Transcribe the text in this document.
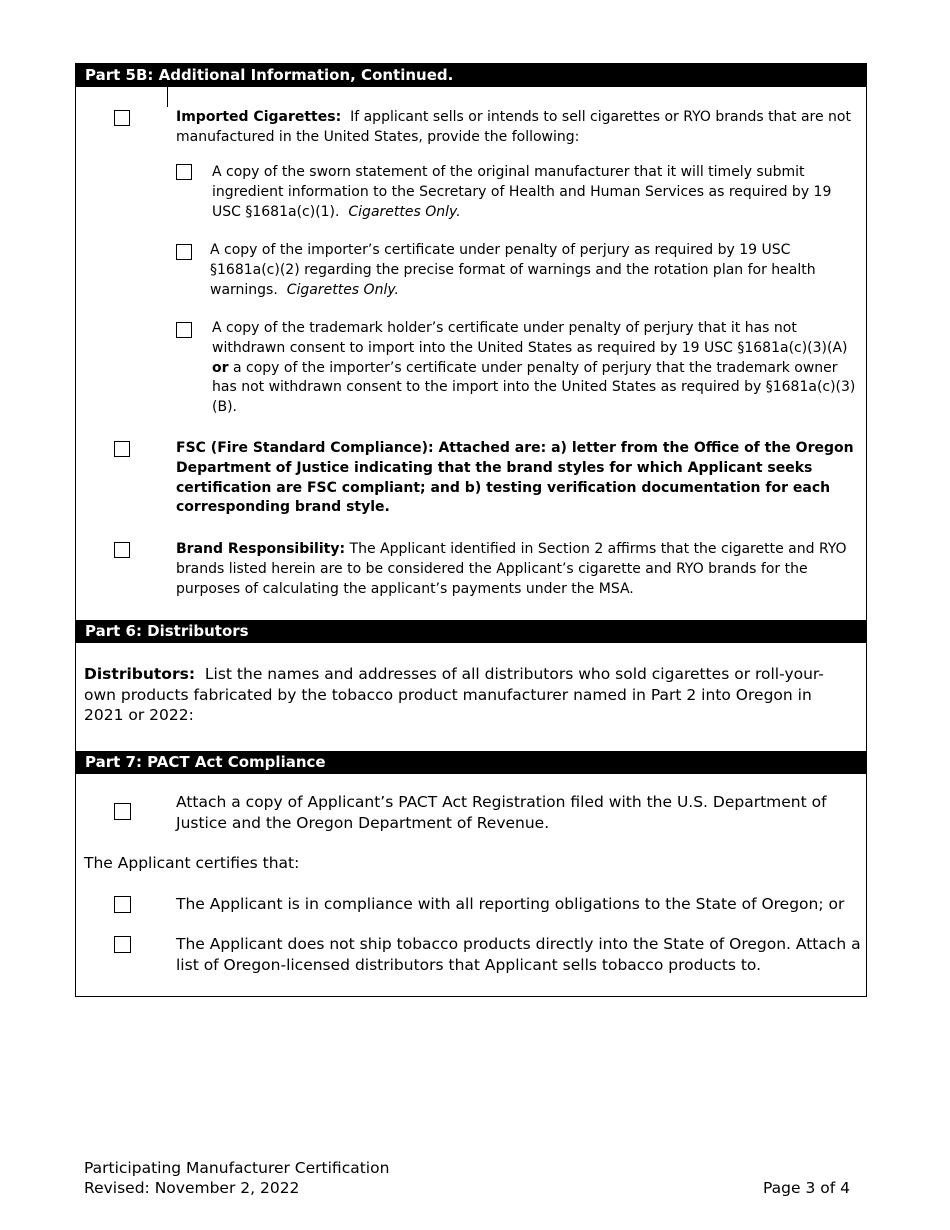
Part 5B: Additional Information, Continued.
Imported Cigarettes: If applicant sells or intends to sell cigarettes or RYO brands that are not manufactured in the United States, provide the following:
A copy of the sworn statement of the original manufacturer that it will timely submit ingredient information to the Secretary of Health and Human Services as required by 19 USC §1681a(c)(1). Cigarettes Only.
A copy of the importer’s certificate under penalty of perjury as required by 19 USC §1681a(c)(2) regarding the precise format of warnings and the rotation plan for health warnings. Cigarettes Only.
A copy of the trademark holder’s certificate under penalty of perjury that it has not withdrawn consent to import into the United States as required by 19 USC §1681a(c)(3)(A) or a copy of the importer’s certificate under penalty of perjury that the trademark owner has not withdrawn consent to the import into the United States as required by §1681a(c)(3)(B).
FSC (Fire Standard Compliance): Attached are: a) letter from the Office of the Oregon Department of Justice indicating that the brand styles for which Applicant seeks certification are FSC compliant; and b) testing verification documentation for each corresponding brand style.
Brand Responsibility: The Applicant identified in Section 2 affirms that the cigarette and RYO brands listed herein are to be considered the Applicant’s cigarette and RYO brands for the purposes of calculating the applicant’s payments under the MSA.
Part 6: Distributors
Distributors: List the names and addresses of all distributors who sold cigarettes or roll-your-own products fabricated by the tobacco product manufacturer named in Part 2 into Oregon in 2021 or 2022:
Part 7: PACT Act Compliance
Attach a copy of Applicant’s PACT Act Registration filed with the U.S. Department of Justice and the Oregon Department of Revenue.
The Applicant certifies that:
The Applicant is in compliance with all reporting obligations to the State of Oregon; or
The Applicant does not ship tobacco products directly into the State of Oregon. Attach a list of Oregon-licensed distributors that Applicant sells tobacco products to.
Participating Manufacturer Certification
Revised: November 2, 2022	Page 3 of 4
